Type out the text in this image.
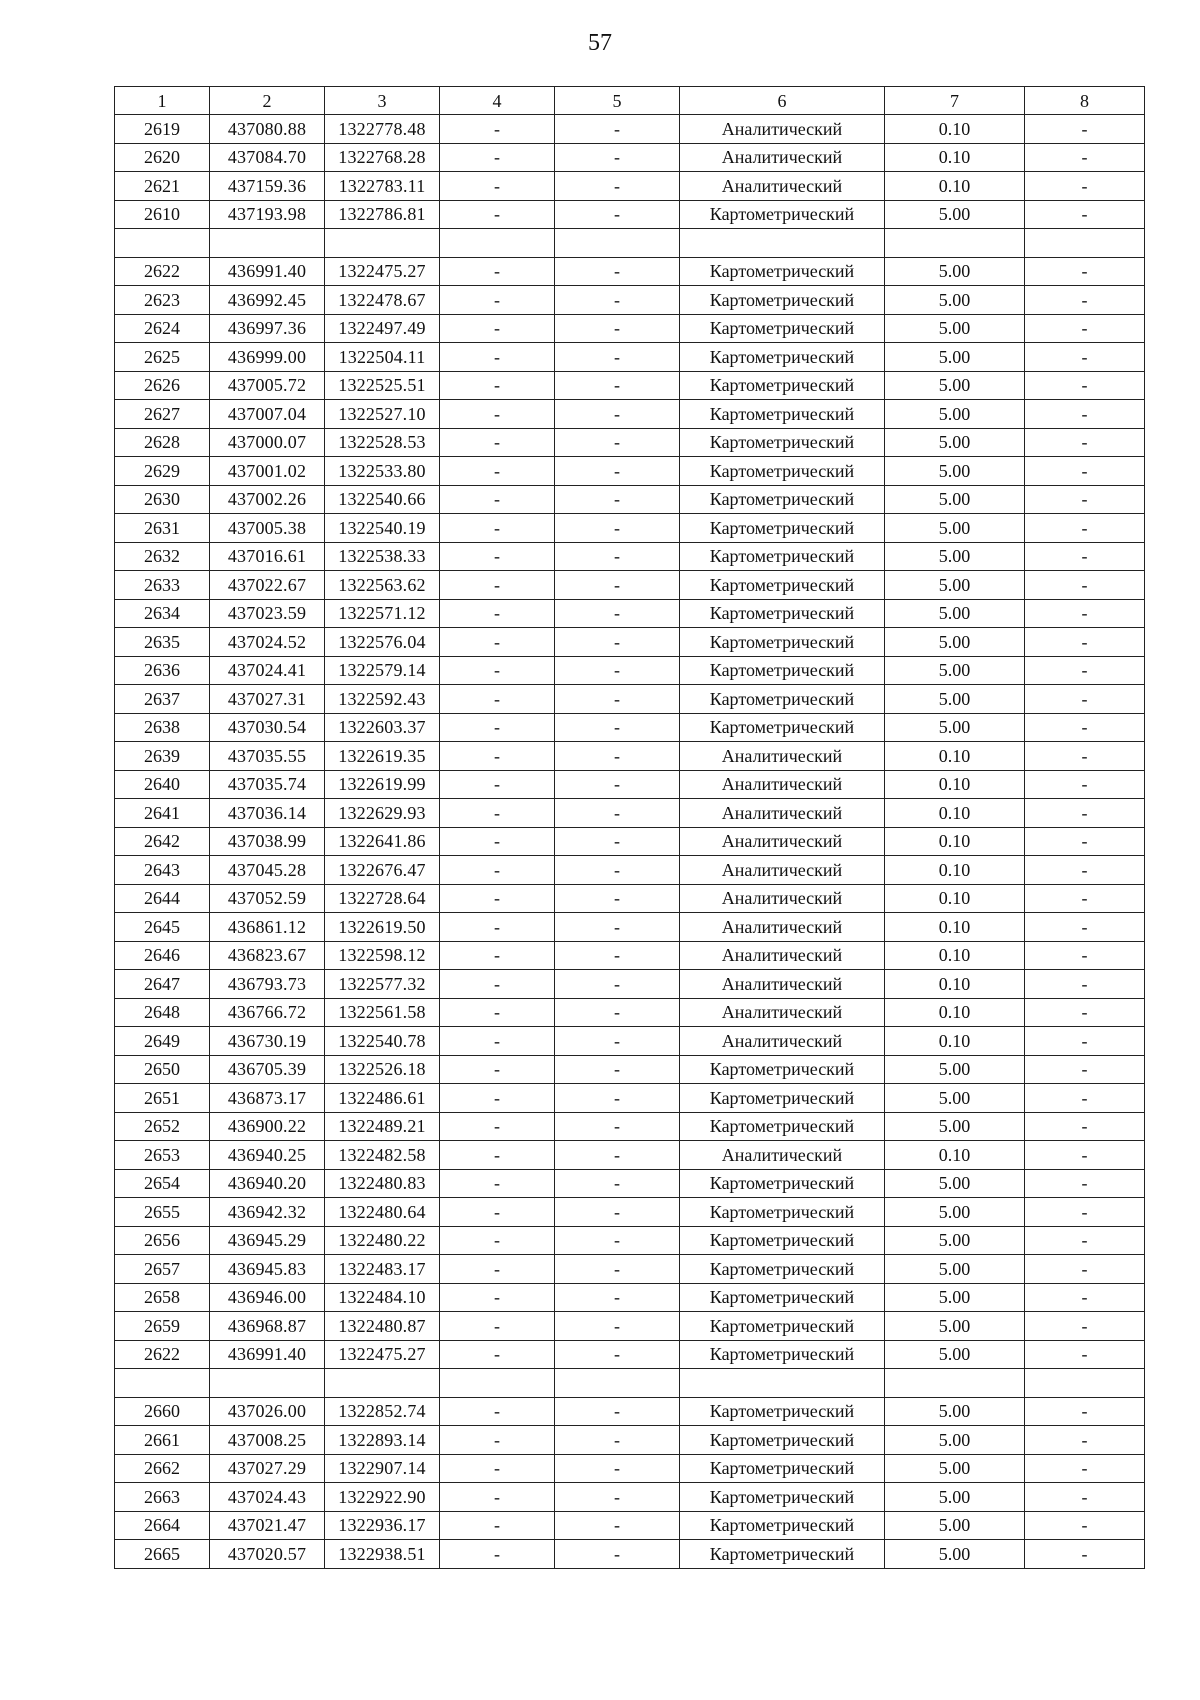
57
1	2	3	4	5	6	7	8
2619	437080.88	1322778.48	-	-	Аналитический	0.10	-
2620	437084.70	1322768.28	-	-	Аналитический	0.10	-
2621	437159.36	1322783.11	-	-	Аналитический	0.10	-
2610	437193.98	1322786.81	-	-	Картометрический	5.00	-

2622	436991.40	1322475.27	-	-	Картометрический	5.00	-
2623	436992.45	1322478.67	-	-	Картометрический	5.00	-
2624	436997.36	1322497.49	-	-	Картометрический	5.00	-
2625	436999.00	1322504.11	-	-	Картометрический	5.00	-
2626	437005.72	1322525.51	-	-	Картометрический	5.00	-
2627	437007.04	1322527.10	-	-	Картометрический	5.00	-
2628	437000.07	1322528.53	-	-	Картометрический	5.00	-
2629	437001.02	1322533.80	-	-	Картометрический	5.00	-
2630	437002.26	1322540.66	-	-	Картометрический	5.00	-
2631	437005.38	1322540.19	-	-	Картометрический	5.00	-
2632	437016.61	1322538.33	-	-	Картометрический	5.00	-
2633	437022.67	1322563.62	-	-	Картометрический	5.00	-
2634	437023.59	1322571.12	-	-	Картометрический	5.00	-
2635	437024.52	1322576.04	-	-	Картометрический	5.00	-
2636	437024.41	1322579.14	-	-	Картометрический	5.00	-
2637	437027.31	1322592.43	-	-	Картометрический	5.00	-
2638	437030.54	1322603.37	-	-	Картометрический	5.00	-
2639	437035.55	1322619.35	-	-	Аналитический	0.10	-
2640	437035.74	1322619.99	-	-	Аналитический	0.10	-
2641	437036.14	1322629.93	-	-	Аналитический	0.10	-
2642	437038.99	1322641.86	-	-	Аналитический	0.10	-
2643	437045.28	1322676.47	-	-	Аналитический	0.10	-
2644	437052.59	1322728.64	-	-	Аналитический	0.10	-
2645	436861.12	1322619.50	-	-	Аналитический	0.10	-
2646	436823.67	1322598.12	-	-	Аналитический	0.10	-
2647	436793.73	1322577.32	-	-	Аналитический	0.10	-
2648	436766.72	1322561.58	-	-	Аналитический	0.10	-
2649	436730.19	1322540.78	-	-	Аналитический	0.10	-
2650	436705.39	1322526.18	-	-	Картометрический	5.00	-
2651	436873.17	1322486.61	-	-	Картометрический	5.00	-
2652	436900.22	1322489.21	-	-	Картометрический	5.00	-
2653	436940.25	1322482.58	-	-	Аналитический	0.10	-
2654	436940.20	1322480.83	-	-	Картометрический	5.00	-
2655	436942.32	1322480.64	-	-	Картометрический	5.00	-
2656	436945.29	1322480.22	-	-	Картометрический	5.00	-
2657	436945.83	1322483.17	-	-	Картометрический	5.00	-
2658	436946.00	1322484.10	-	-	Картометрический	5.00	-
2659	436968.87	1322480.87	-	-	Картометрический	5.00	-
2622	436991.40	1322475.27	-	-	Картометрический	5.00	-

2660	437026.00	1322852.74	-	-	Картометрический	5.00	-
2661	437008.25	1322893.14	-	-	Картометрический	5.00	-
2662	437027.29	1322907.14	-	-	Картометрический	5.00	-
2663	437024.43	1322922.90	-	-	Картометрический	5.00	-
2664	437021.47	1322936.17	-	-	Картометрический	5.00	-
2665	437020.57	1322938.51	-	-	Картометрический	5.00	-
